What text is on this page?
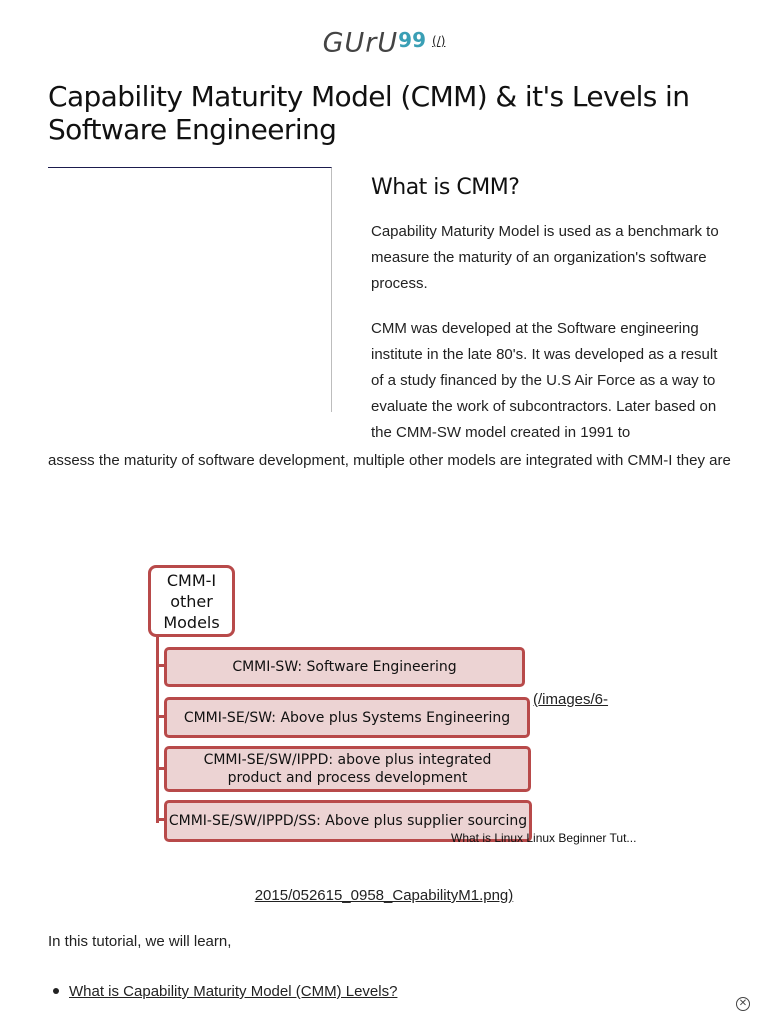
GUrU99 (/)
Capability Maturity Model (CMM) & it's Levels in Software Engineering
What is CMM?

Capability Maturity Model is used as a benchmark to measure the maturity of an organization's software process.

CMM was developed at the Software engineering institute in the late 80's. It was developed as a result of a study financed by the U.S Air Force as a way to evaluate the work of subcontractors. Later based on the CMM-SW model created in 1991 to

assess the maturity of software development, multiple other models are integrated with CMM-I they are

CMM-I
other
Models
CMMI-SW: Software Engineering
CMMI-SE/SW: Above plus Systems Engineering
CMMI-SE/SW/IPPD: above plus integrated product and process development
CMMI-SE/SW/IPPD/SS: Above plus supplier sourcing
(/images/6-
What is Linux Linux Beginner Tut...
2015/052615_0958_CapabilityM1.png)
In this tutorial, we will learn,
What is Capability Maturity Model (CMM) Levels?
✕
